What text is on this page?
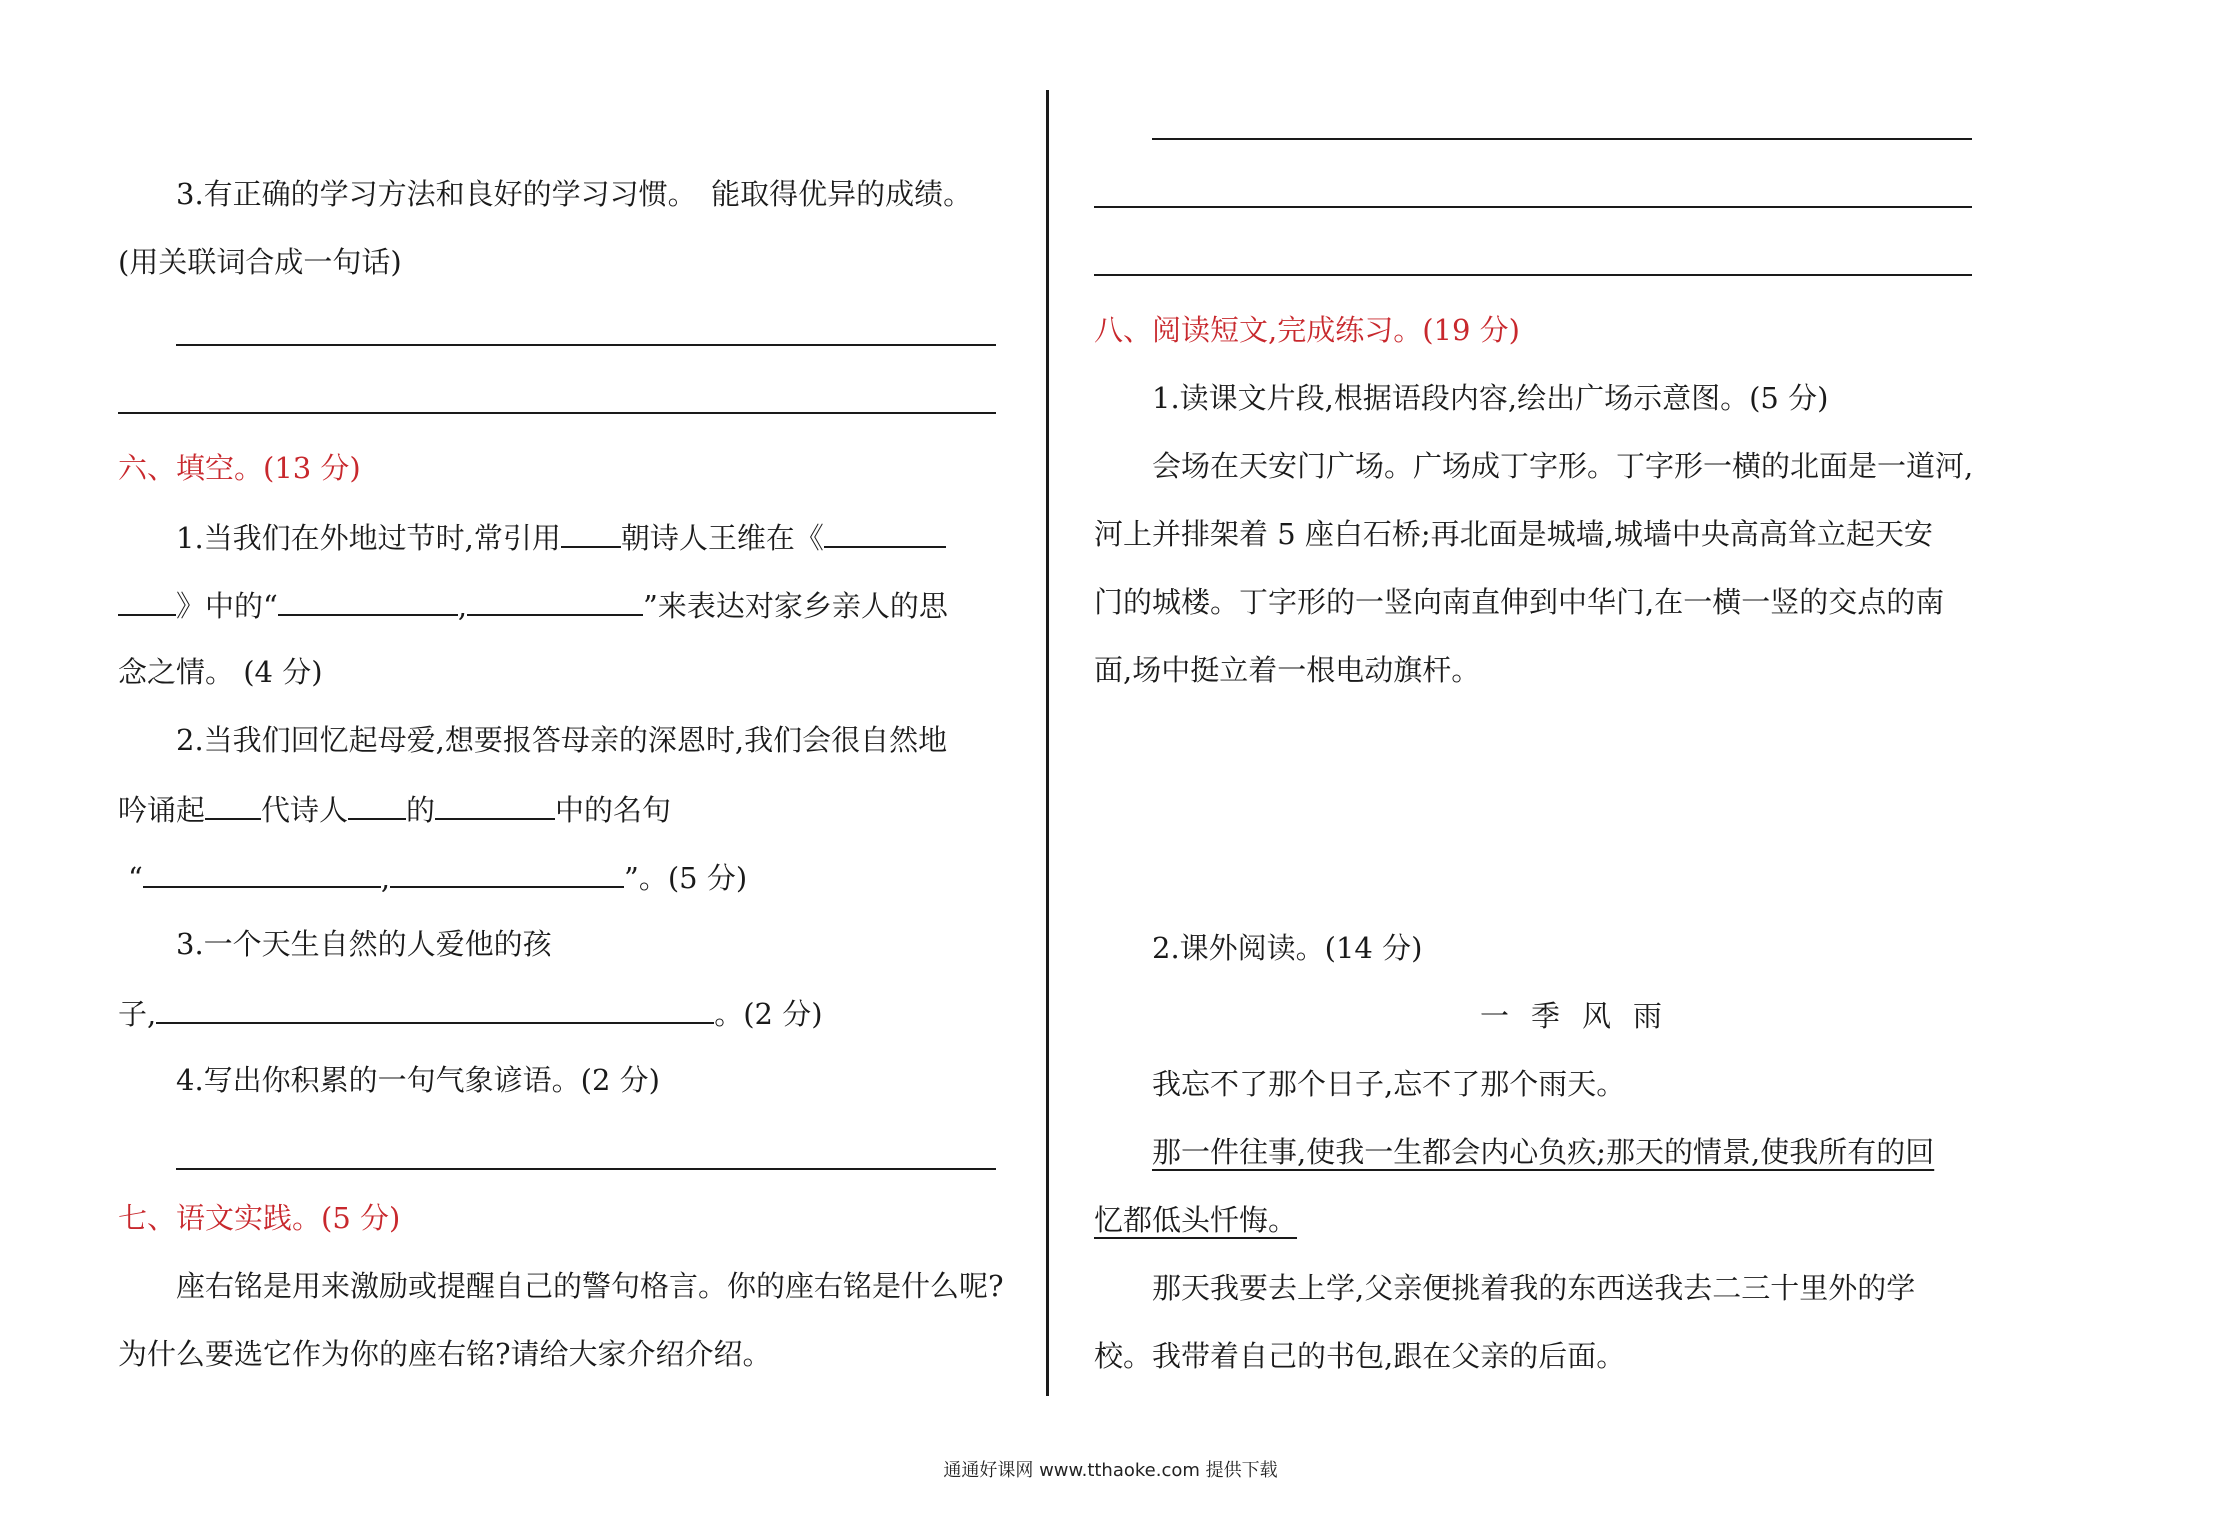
3.有正确的学习方法和良好的学习习惯。　能取得优异的成绩。
(用关联词合成一句话)
六、填空。(13 分)
1.当我们在外地过节时,常引用 朝诗人王维在《
》中的“	,	”来表达对家乡亲人的思
念之情。 (4 分)
2.当我们回忆起母爱,想要报答母亲的深恩时,我们会很自然地
吟诵起 代诗人 的	中的名句
“	,	”。(5 分)
3.一个天生自然的人爱他的孩
子,	。(2 分)
4.写出你积累的一句气象谚语。(2 分)
七、语文实践。(5 分)
座右铭是用来激励或提醒自己的警句格言。你的座右铭是什么呢?
为什么要选它作为你的座右铭?请给大家介绍介绍。
八、阅读短文,完成练习。(19 分)
1.读课文片段,根据语段内容,绘出广场示意图。(5 分)
会场在天安门广场。广场成丁字形。丁字形一横的北面是一道河,
河上并排架着 5 座白石桥;再北面是城墙,城墙中央高高耸立起天安
门的城楼。丁字形的一竖向南直伸到中华门,在一横一竖的交点的南
面,场中挺立着一根电动旗杆。
2.课外阅读。(14 分)
一季风雨
我忘不了那个日子,忘不了那个雨天。
那一件往事,使我一生都会内心负疚;那天的情景,使我所有的回
忆都低头忏悔。
那天我要去上学,父亲便挑着我的东西送我去二三十里外的学
校。我带着自己的书包,跟在父亲的后面。
通通好课网 www.tthaoke.com 提供下载
